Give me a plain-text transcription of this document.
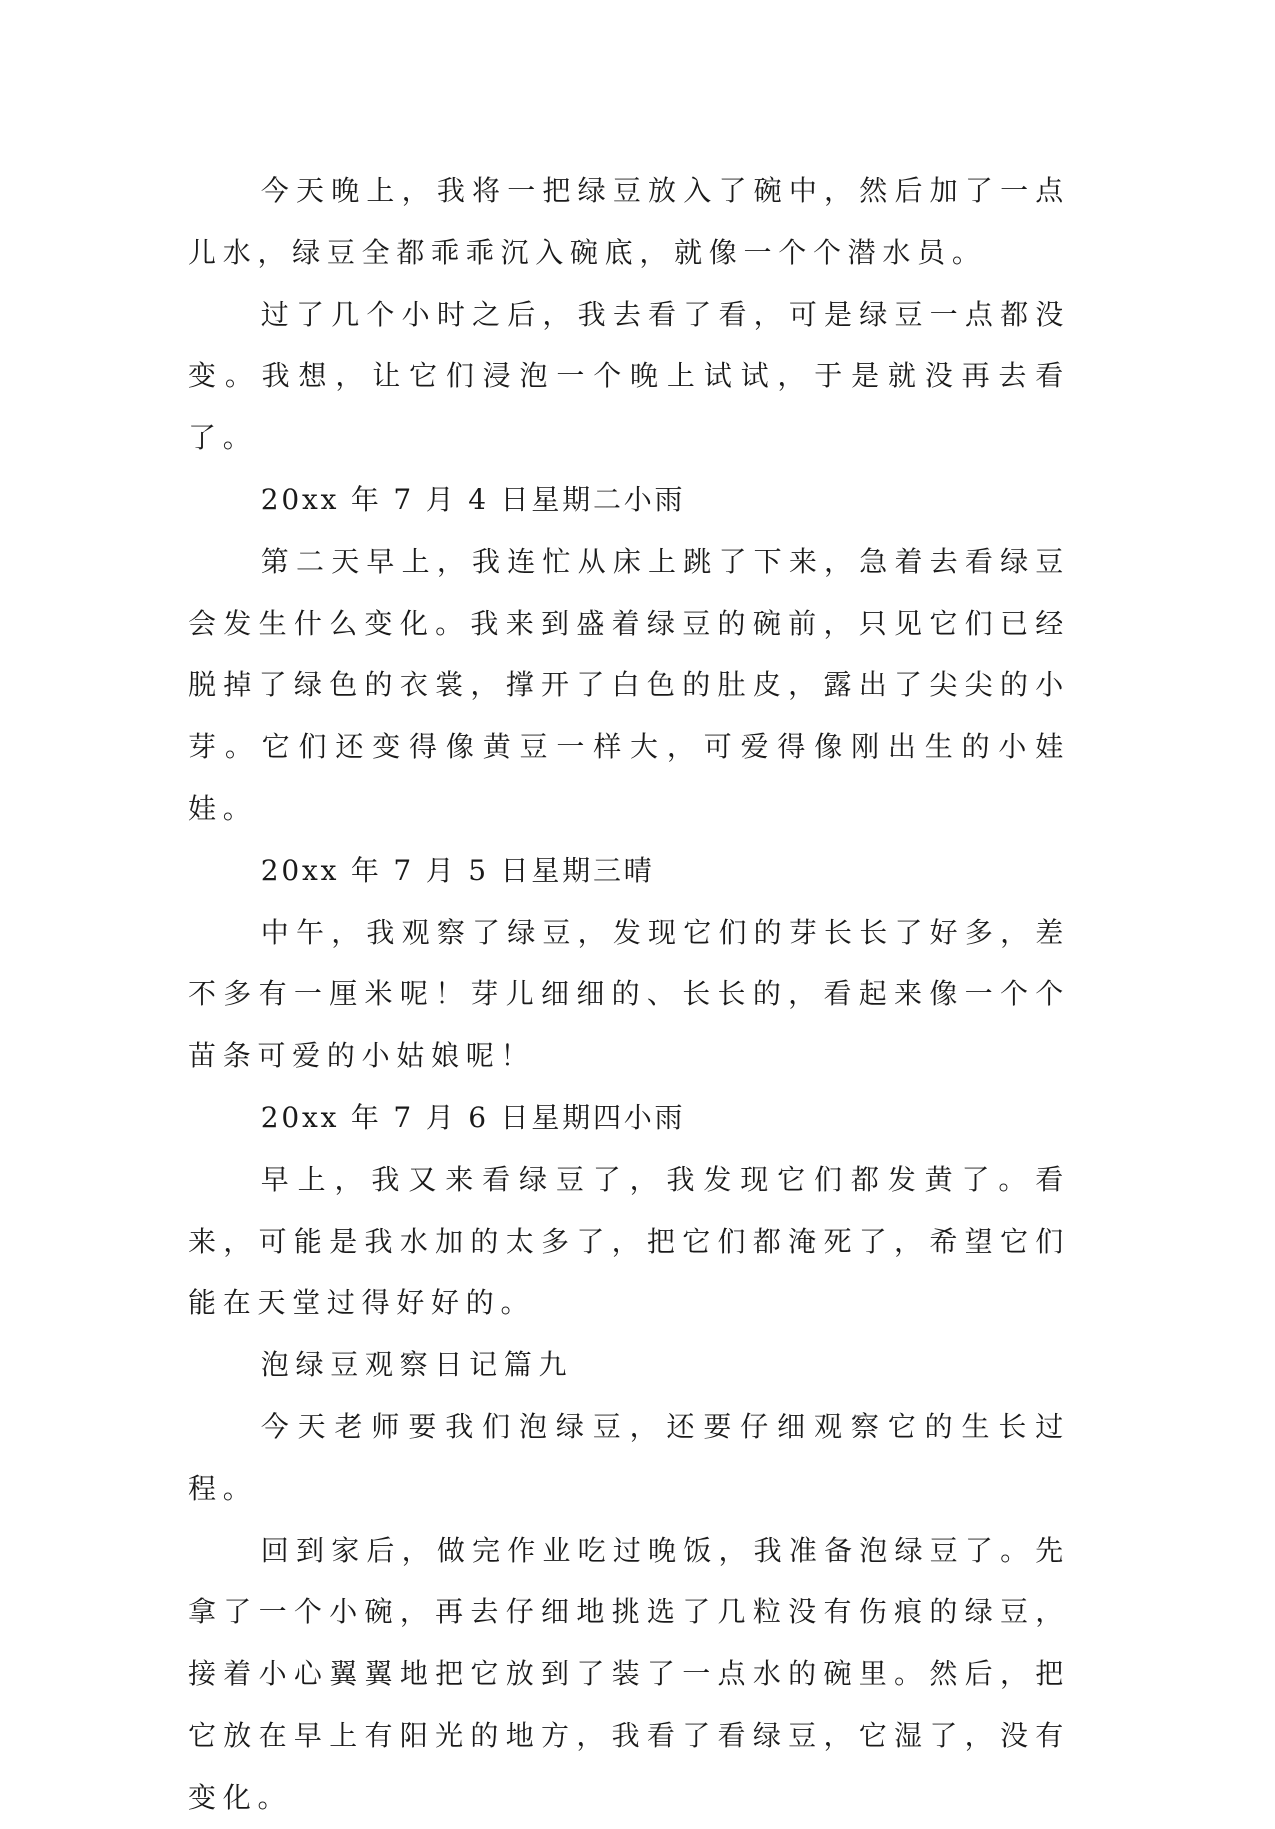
今天晚上，我将一把绿豆放入了碗中，然后加了一点儿水，绿豆全都乖乖沉入碗底，就像一个个潜水员。

过了几个小时之后，我去看了看，可是绿豆一点都没变。我想，让它们浸泡一个晚上试试，于是就没再去看了。

20xx 年 7 月 4 日星期二小雨

第二天早上，我连忙从床上跳了下来，急着去看绿豆会发生什么变化。我来到盛着绿豆的碗前，只见它们已经脱掉了绿色的衣裳，撑开了白色的肚皮，露出了尖尖的小芽。它们还变得像黄豆一样大，可爱得像刚出生的小娃娃。

20xx 年 7 月 5 日星期三晴

中午，我观察了绿豆，发现它们的芽长长了好多，差不多有一厘米呢！芽儿细细的、长长的，看起来像一个个苗条可爱的小姑娘呢！

20xx 年 7 月 6 日星期四小雨

早上，我又来看绿豆了，我发现它们都发黄了。看来，可能是我水加的太多了，把它们都淹死了，希望它们能在天堂过得好好的。

泡绿豆观察日记篇九

今天老师要我们泡绿豆，还要仔细观察它的生长过程。

回到家后，做完作业吃过晚饭，我准备泡绿豆了。先拿了一个小碗，再去仔细地挑选了几粒没有伤痕的绿豆，接着小心翼翼地把它放到了装了一点水的碗里。然后，把它放在早上有阳光的地方，我看了看绿豆，它湿了，没有变化。
